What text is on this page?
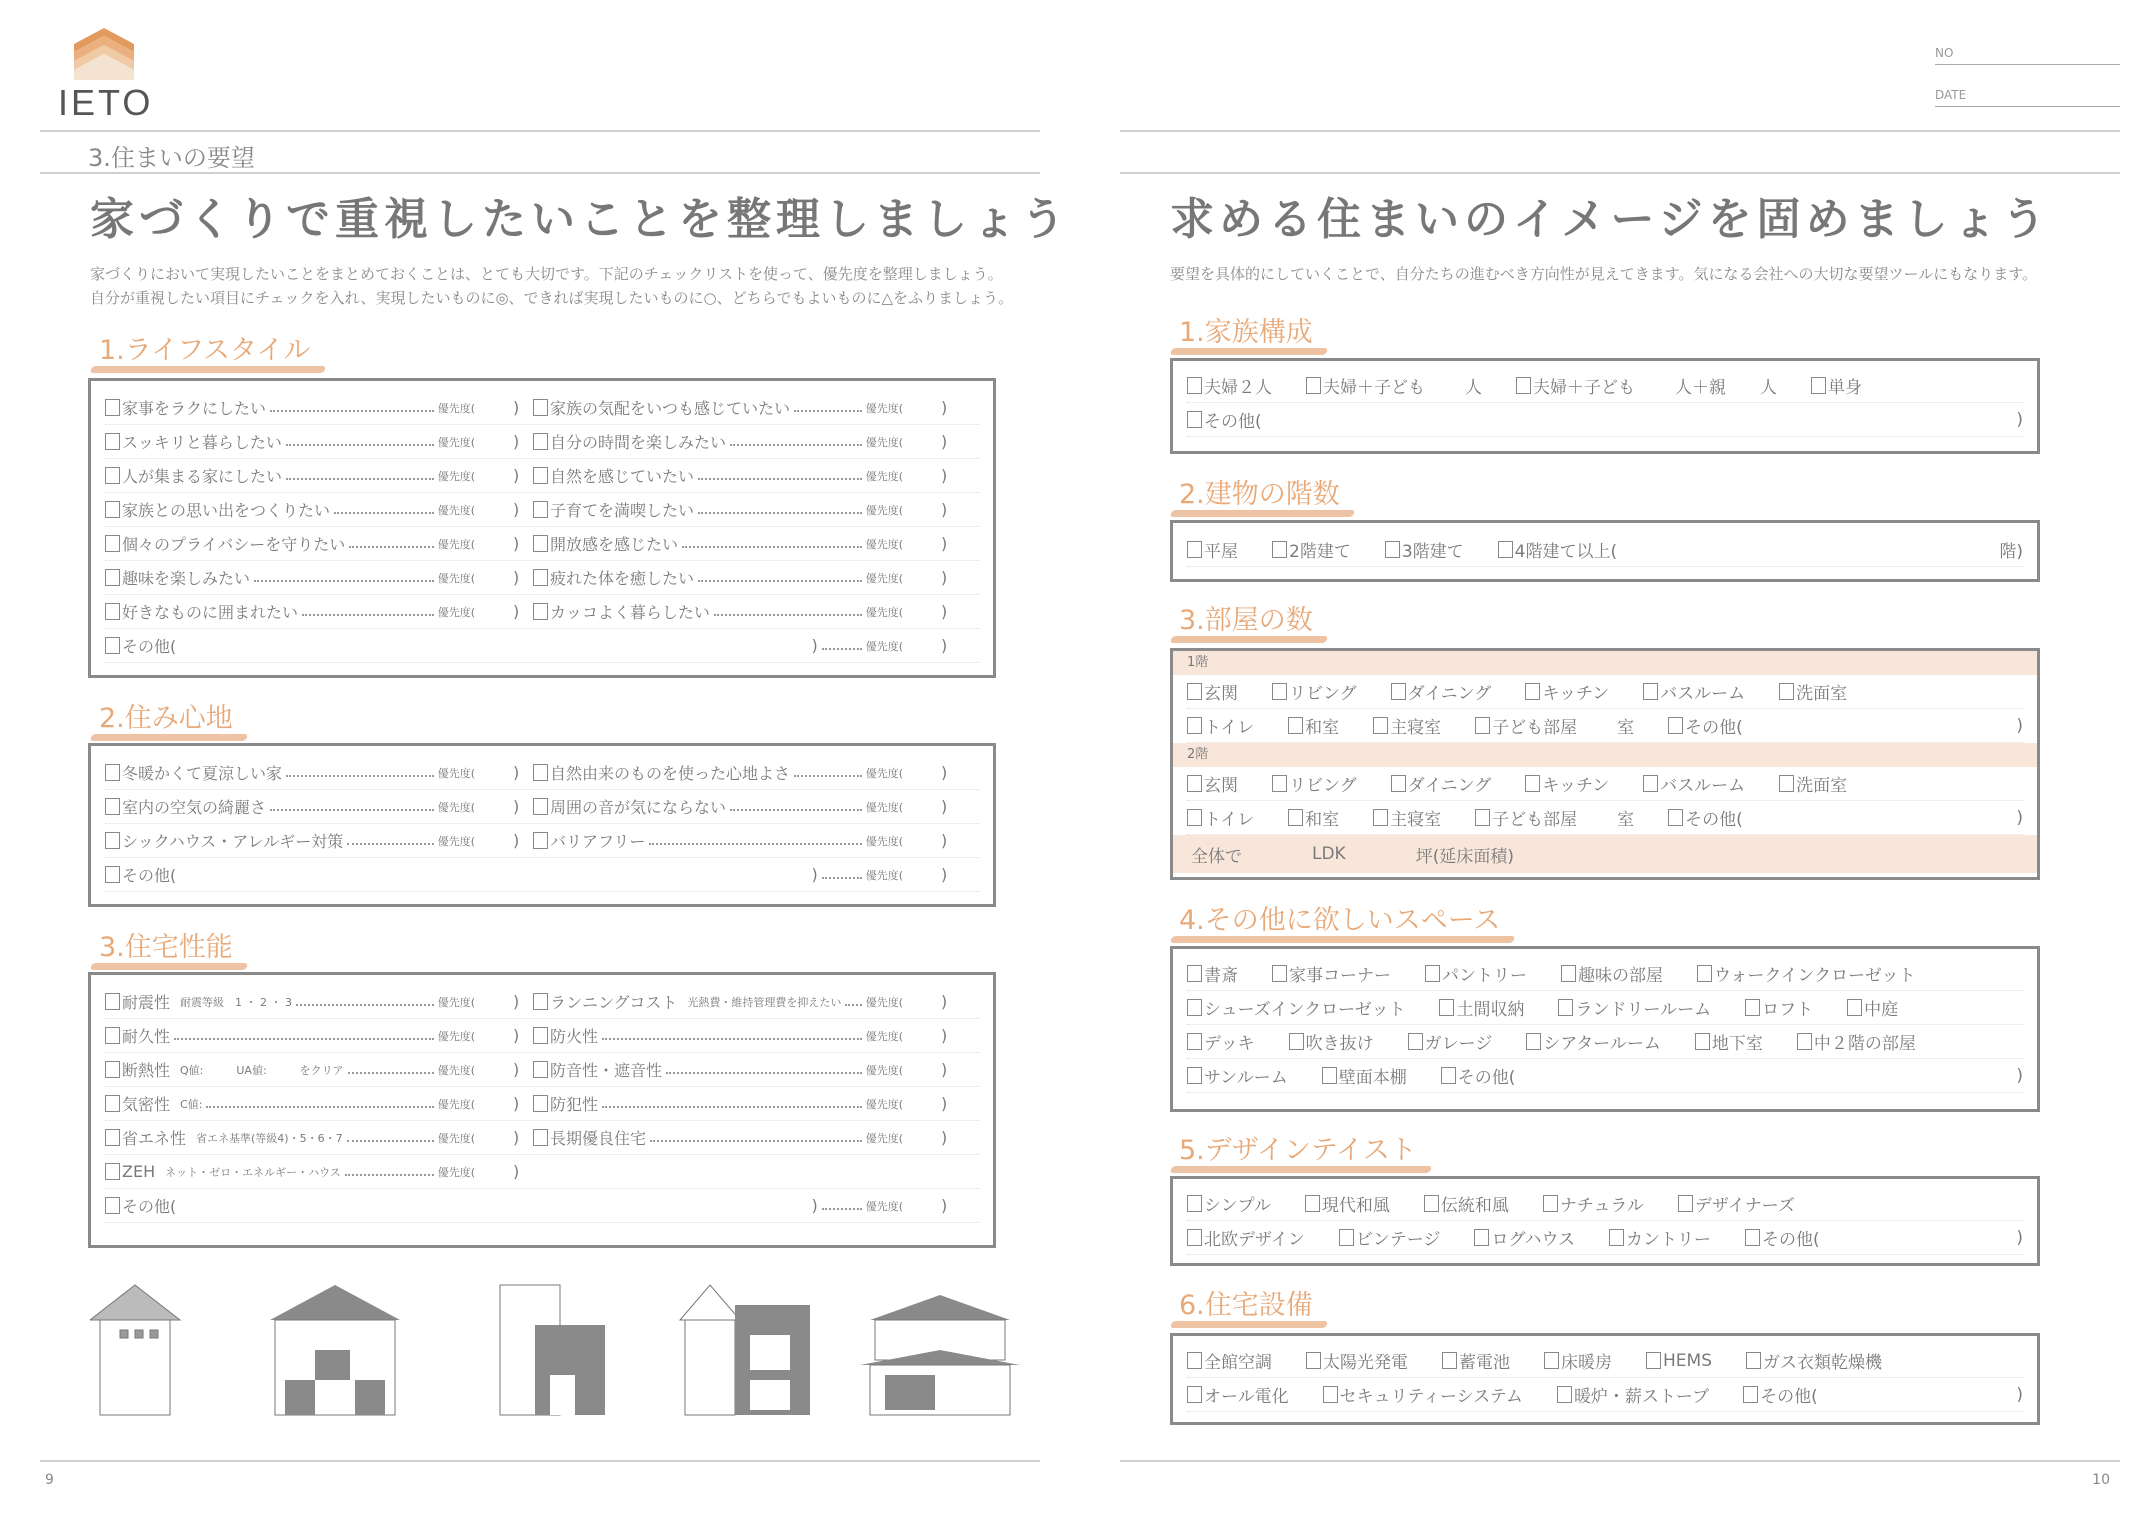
IETO
3.住まいの要望
家づくりで重視したいことを整理しましょう
家づくりにおいて実現したいことをまとめておくことは、とても大切です。下記のチェックリストを使って、優先度を整理しましょう。
自分が重視したい項目にチェックを入れ、実現したいものに◎、できれば実現したいものに○、どちらでもよいものに△をふりましょう。
1.ライフスタイル
家事をラクにしたい	優先度( )	家族の気配をいつも感じていたい	優先度( )
スッキリと暮らしたい	優先度( )	自分の時間を楽しみたい	優先度( )
人が集まる家にしたい	優先度( )	自然を感じていたい	優先度( )
家族との思い出をつくりたい	優先度( )	子育てを満喫したい	優先度( )
個々のプライバシーを守りたい	優先度( )	開放感を感じたい	優先度( )
趣味を楽しみたい	優先度( )	疲れた体を癒したい	優先度( )
好きなものに囲まれたい	優先度( )	カッコよく暮らしたい	優先度( )
その他(	)	優先度( )
2.住み心地
冬暖かくて夏涼しい家	優先度( )	自然由来のものを使った心地よさ	優先度( )
室内の空気の綺麗さ	優先度( )	周囲の音が気にならない	優先度( )
シックハウス・アレルギー対策	優先度( )	バリアフリー	優先度( )
その他(	)	優先度( )
3.住宅性能
耐震性 耐震等級　1 ・ 2 ・ 3	優先度( )	ランニングコスト 光熱費・維持管理費を抑えたい 優先度( )
耐久性	優先度( )	防火性	優先度( )
断熱性 Q値:　　　UA値:　　　をクリア	優先度( )	防音性・遮音性	優先度( )
気密性 C値:	優先度( )	防犯性	優先度( )
省エネ性 省エネ基準(等級4)・5・6・7	優先度( )	長期優良住宅	優先度( )
ZEH ネット・ゼロ・エネルギー・ハウス	優先度( )
その他(	)	優先度( )
9
NO
DATE
求める住まいのイメージを固めましょう
要望を具体的にしていくことで、自分たちの進むべき方向性が見えてきます。気になる会社への大切な要望ツールにもなります。
1.家族構成
夫婦２人	夫婦＋子ども 人	夫婦＋子ども 人＋親　　人	単身
その他(	)
2.建物の階数
平屋	2階建て	3階建て	4階建て以上(	階)
3.部屋の数
1階
玄関	リビング	ダイニング	キッチン	バスルーム	洗面室
トイレ	和室	主寝室	子ども部屋 室	その他(	)
2階
玄関	リビング	ダイニング	キッチン	バスルーム	洗面室
トイレ	和室	主寝室	子ども部屋 室	その他(	)
全体で	LDK	坪(延床面積)
4.その他に欲しいスペース
書斎	家事コーナー	パントリー	趣味の部屋	ウォークインクローゼット
シューズインクローゼット	土間収納	ランドリールーム	ロフト	中庭
デッキ	吹き抜け	ガレージ	シアタールーム	地下室	中２階の部屋
サンルーム	壁面本棚	その他(	)
5.デザインテイスト
シンプル	現代和風	伝統和風	ナチュラル	デザイナーズ
北欧デザイン	ビンテージ	ログハウス	カントリー	その他(	)
6.住宅設備
全館空調	太陽光発電	蓄電池	床暖房	HEMS	ガス衣類乾燥機
オール電化	セキュリティーシステム	暖炉・薪ストーブ	その他(	)
10
